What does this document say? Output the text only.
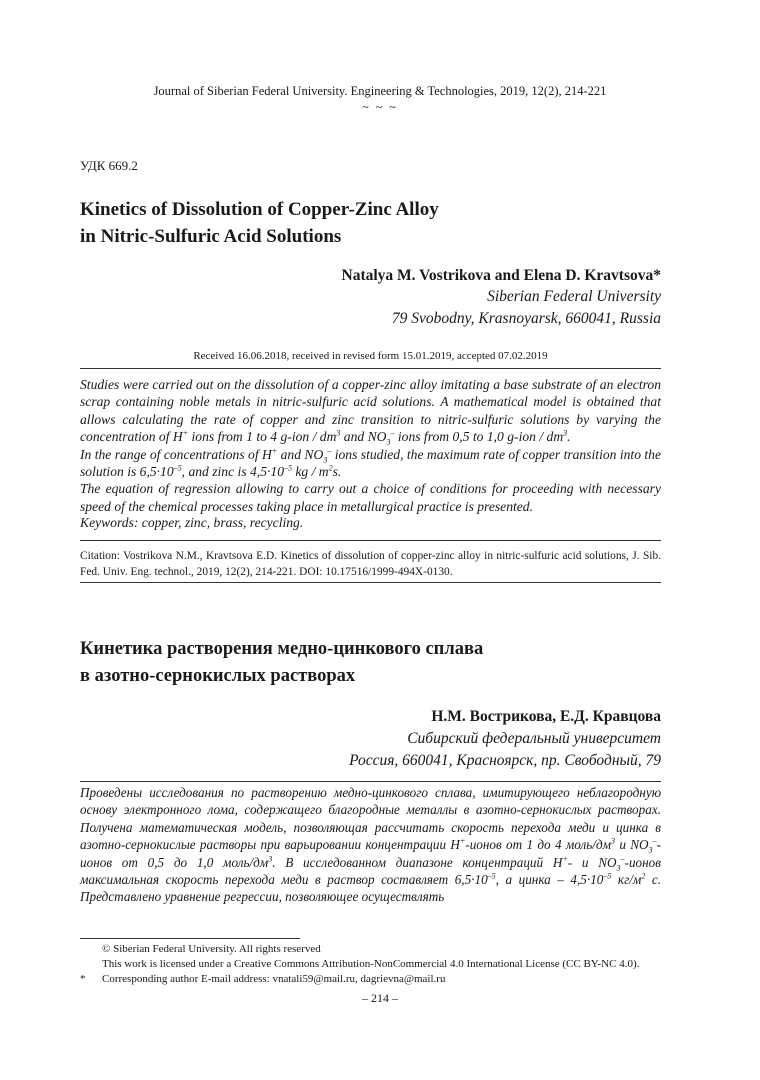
Journal of Siberian Federal University. Engineering & Technologies, 2019, 12(2), 214-221
~ ~ ~
УДК 669.2
Kinetics of Dissolution of Copper-Zinc Alloy
in Nitric-Sulfuric Acid Solutions
Natalya M. Vostrikova and Elena D. Kravtsova*
Siberian Federal University
79 Svobodny, Krasnoyarsk, 660041, Russia
Received 16.06.2018, received in revised form 15.01.2019, accepted 07.02.2019

Studies were carried out on the dissolution of a copper-zinc alloy imitating a base substrate of an electron scrap containing noble metals in nitric-sulfuric acid solutions. A mathematical model is obtained that allows calculating the rate of copper and zinc transition to nitric-sulfuric solutions by varying the concentration of H+ ions from 1 to 4 $g-ion / dm^3$ and $NO_3^-$ ions from 0,5 to 1,0 $g-ion / dm^3$.

In the range of concentrations of H+ and $NO_3^-$ ions studied, the maximum rate of copper transition into the solution is $6,5\cdot 10^{-5}$, and zinc is $4,5\cdot 10^{-5}$ kg / $m^2s$.

The equation of regression allowing to carry out a choice of conditions for proceeding with necessary speed of the chemical processes taking place in metallurgical practice is presented.

Keywords: copper, zinc, brass, recycling.
Citation: Vostrikova N.M., Kravtsova E.D. Kinetics of dissolution of copper-zinc alloy in nitric-sulfuric acid solutions, J. Sib. Fed. Univ. Eng. technol., 2019, 12(2), 214-221. DOI: 10.17516/1999-494X-0130.
Кинетика растворения медно-цинкового сплава
в азотно-сернокислых растворах
Н.М. Вострикова, Е.Д. Кравцова
Сибирский федеральный университет
Россия, 660041, Красноярск, пр. Свободный, 79
Проведены исследования по растворению медно-цинкового сплава, имитирующего неблагородную основу электронного лома, содержащего благородные металлы в азотно-сернокислых растворах. Получена математическая модель, позволяющая рассчитать скорость перехода меди и цинка в азотно-сернокислые растворы при варьировании концентрации H+-ионов от 1 до 4 моль/$дм^3$ и $NO_3^-$-ионов от 0,5 до 1,0 моль/$дм^3$. В исследованном диапазоне концентраций H+- и $NO_3^-$-ионов максимальная скорость перехода меди в раствор составляет $6,5\cdot 10^{-5}$, а цинка – $4,5\cdot 10^{-5}$ $кг/м^2$ с. Представлено уравнение регрессии, позволяющее осуществлять
© Siberian Federal University. All rights reserved
This work is licensed under a Creative Commons Attribution-NonCommercial 4.0 International License (CC BY-NC 4.0).
* Corresponding author E-mail address: vnatali59@mail.ru, dagrievna@mail.ru
– 214 –
